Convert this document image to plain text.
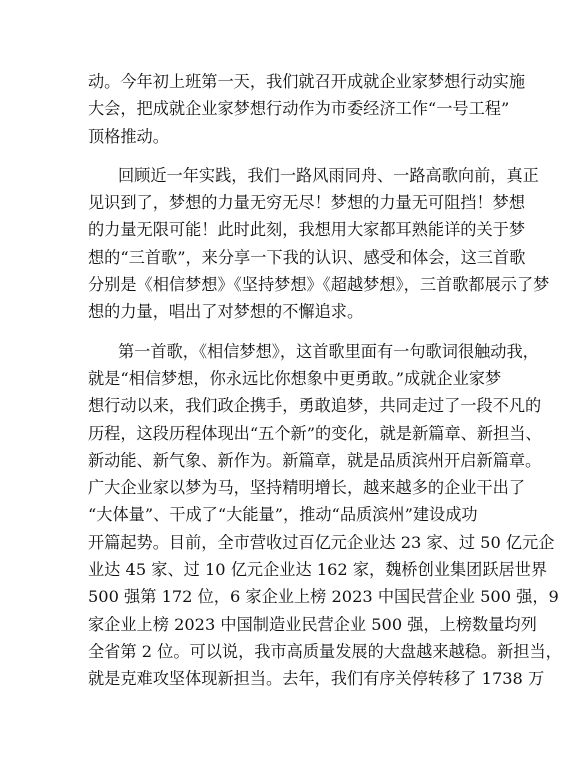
动。今年初上班第一天，我们就召开成就企业家梦想行动实施
大会，把成就企业家梦想行动作为市委经济工作“一号工程”
顶格推动。
回顾近一年实践，我们一路风雨同舟、一路高歌向前，真正
见识到了，梦想的力量无穷无尽！梦想的力量无可阻挡！梦想
的力量无限可能！此时此刻，我想用大家都耳熟能详的关于梦
想的“三首歌”，来分享一下我的认识、感受和体会，这三首歌
分别是《相信梦想》《坚持梦想》《超越梦想》，三首歌都展示了梦
想的力量，唱出了对梦想的不懈追求。
第一首歌，《相信梦想》，这首歌里面有一句歌词很触动我，
就是“相信梦想，你永远比你想象中更勇敢。”成就企业家梦
想行动以来，我们政企携手，勇敢追梦，共同走过了一段不凡的
历程，这段历程体现出“五个新”的变化，就是新篇章、新担当、
新动能、新气象、新作为。新篇章，就是品质滨州开启新篇章。
广大企业家以梦为马，坚持精明增长，越来越多的企业干出了
“大体量”、干成了“大能量”，推动“品质滨州”建设成功
开篇起势。目前，全市营收过百亿元企业达 23 家、过 50 亿元企
业达 45 家、过 10 亿元企业达 162 家，魏桥创业集团跃居世界
500 强第 172 位，6 家企业上榜 2023 中国民营企业 500 强，9
家企业上榜 2023 中国制造业民营企业 500 强，上榜数量均列
全省第 2 位。可以说，我市高质量发展的大盘越来越稳。新担当，
就是克难攻坚体现新担当。去年，我们有序关停转移了 1738 万
